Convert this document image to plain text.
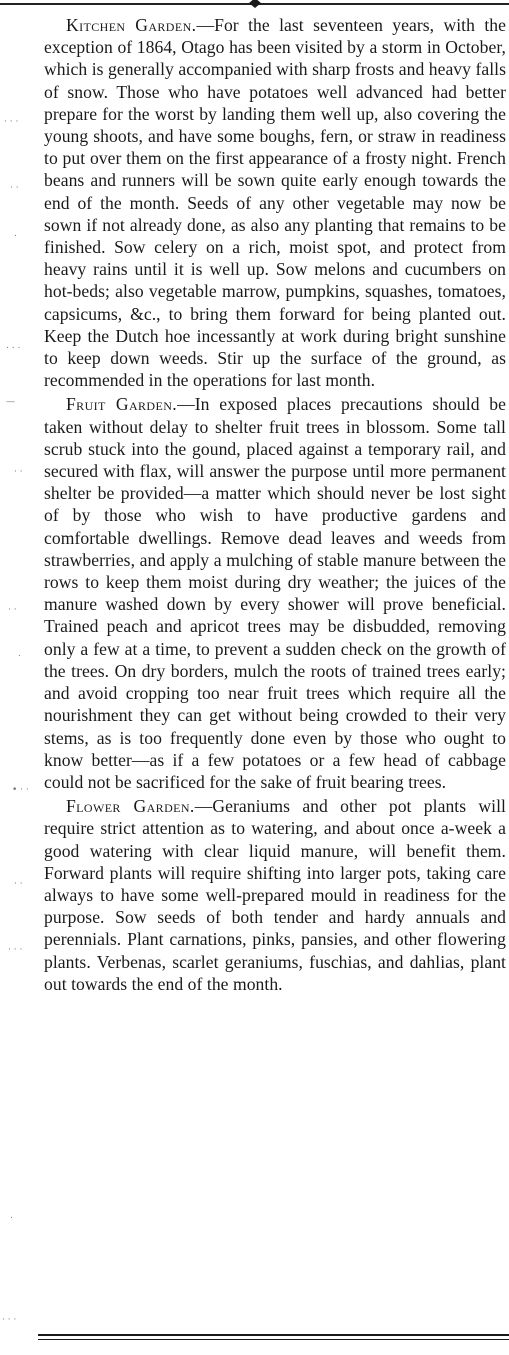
Kitchen Garden.—For the last seventeen years, with the exception of 1864, Otago has been visited by a storm in October, which is generally accompanied with sharp frosts and heavy falls of snow. Those who have potatoes well advanced had better prepare for the worst by landing them well up, also covering the young shoots, and have some boughs, fern, or straw in readiness to put over them on the first appearance of a frosty night. French beans and runners will be sown quite early enough towards the end of the month. Seeds of any other vegetable may now be sown if not already done, as also any planting that remains to be finished. Sow celery on a rich, moist spot, and protect from heavy rains until it is well up. Sow melons and cucumbers on hot-beds; also vegetable marrow, pumpkins, squashes, tomatoes, capsicums, &c., to bring them forward for being planted out. Keep the Dutch hoe incessantly at work during bright sunshine to keep down weeds. Stir up the surface of the ground, as recommended in the operations for last month.

Fruit Garden.—In exposed places precautions should be taken without delay to shelter fruit trees in blossom. Some tall scrub stuck into the gound, placed against a temporary rail, and secured with flax, will answer the purpose until more permanent shelter be provided—a matter which should never be lost sight of by those who wish to have productive gardens and comfortable dwellings. Remove dead leaves and weeds from strawberries, and apply a mulching of stable manure between the rows to keep them moist during dry weather; the juices of the manure washed down by every shower will prove beneficial. Trained peach and apricot trees may be disbudded, removing only a few at a time, to prevent a sudden check on the growth of the trees. On dry borders, mulch the roots of trained trees early; and avoid cropping too near fruit trees which require all the nourishment they can get without being crowded to their very stems, as is too frequently done even by those who ought to know better—as if a few potatoes or a few head of cabbage could not be sacrificed for the sake of fruit bearing trees.

Flower Garden.—Geraniums and other pot plants will require strict attention as to watering, and about once a-week a good watering with clear liquid manure, will benefit them. Forward plants will require shifting into larger pots, taking care always to have some well-prepared mould in readiness for the purpose. Sow seeds of both tender and hardy annuals and perennials. Plant carnations, pinks, pansies, and other flowering plants. Verbenas, scarlet geraniums, fuschias, and dahlias, plant out towards the end of the month.

· · ·
· ·
.
. . .
—
· ·
· ·
.
• · ·
· ·
· · ·
.
· · ·
